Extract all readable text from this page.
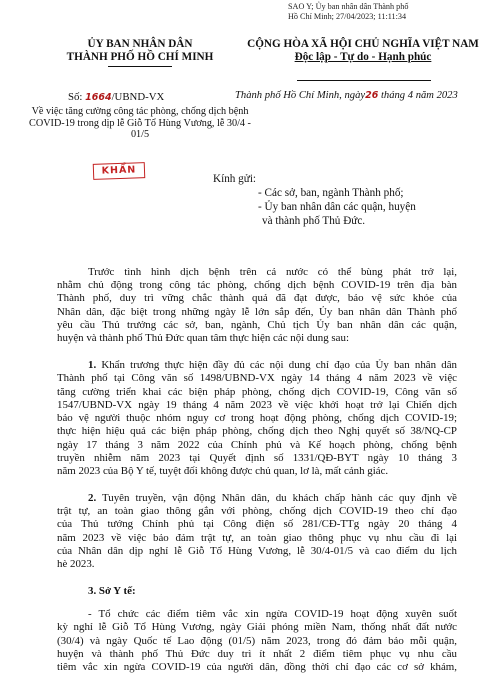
SAO Y; Ủy ban nhân dân Thành phố
Hồ Chí Minh; 27/04/2023; 11:11:34
ỦY BAN NHÂN DÂN
THÀNH PHỐ HỒ CHÍ MINH
CỘNG HÒA XÃ HỘI CHỦ NGHĨA VIỆT NAM
Độc lập - Tự do - Hạnh phúc
Số: 1664/UBND-VX	Thành phố Hồ Chí Minh, ngày26 tháng 4 năm 2023
Về việc tăng cường công tác phòng, chống dịch bệnh COVID-19 trong dịp lễ Giỗ Tổ Hùng Vương, lễ 30/4 - 01/5
KHẨN
Kính gửi:
- Các sở, ban, ngành Thành phố;
- Ủy ban nhân dân các quận, huyện
và thành phố Thủ Đức.
Trước tình hình dịch bệnh trên cả nước có thể bùng phát trở lại,
nhằm chủ động trong công tác phòng, chống dịch bệnh COVID-19 trên địa bàn
Thành phố, duy trì vững chắc thành quả đã đạt được, bảo vệ sức khỏe của
Nhân dân, đặc biệt trong những ngày lễ lớn sắp đến, Ủy ban nhân dân Thành phố
yêu cầu Thủ trưởng các sở, ban, ngành, Chủ tịch Ủy ban nhân dân các quận,
huyện và thành phố Thủ Đức quan tâm thực hiện các nội dung sau:
1. Khẩn trương thực hiện đầy đủ các nội dung chỉ đạo của Ủy ban nhân dân
Thành phố tại Công văn số 1498/UBND-VX ngày 14 tháng 4 năm 2023 về việc
tăng cường triển khai các biện pháp phòng, chống dịch COVID-19, Công văn số
1547/UBND-VX ngày 19 tháng 4 năm 2023 về việc khởi hoạt trở lại Chiến dịch
bảo vệ người thuộc nhóm nguy cơ trong hoạt động phòng, chống dịch COVID-19;
thực hiện hiệu quả các biện pháp phòng, chống dịch theo Nghị quyết số 38/NQ-CP
ngày 17 tháng 3 năm 2022 của Chính phủ và Kế hoạch phòng, chống bệnh
truyền nhiễm năm 2023 tại Quyết định số 1331/QĐ-BYT ngày 10 tháng 3
năm 2023 của Bộ Y tế, tuyệt đối không được chủ quan, lơ là, mất cảnh giác.
2. Tuyên truyền, vận động Nhân dân, du khách chấp hành các quy định về
trật tự, an toàn giao thông gắn với phòng, chống dịch COVID-19 theo chỉ đạo
của Thủ tướng Chính phủ tại Công điện số 281/CĐ-TTg ngày 20 tháng 4
năm 2023 về việc bảo đảm trật tự, an toàn giao thông phục vụ nhu cầu đi lại
của Nhân dân dịp nghỉ lễ Giỗ Tổ Hùng Vương, lễ 30/4-01/5 và cao điểm du lịch
hè 2023.
3. Sở Y tế:
- Tổ chức các điểm tiêm vắc xin ngừa COVID-19 hoạt động xuyên suốt
kỳ nghỉ lễ Giỗ Tổ Hùng Vương, ngày Giải phóng miền Nam, thống nhất đất nước
(30/4) và ngày Quốc tế Lao động (01/5) năm 2023, trong đó đảm bảo mỗi quận,
huyện và thành phố Thủ Đức duy trì ít nhất 2 điểm tiêm phục vụ nhu cầu
tiêm vắc xin ngừa COVID-19 của người dân, đồng thời chỉ đạo các cơ sở khám,
